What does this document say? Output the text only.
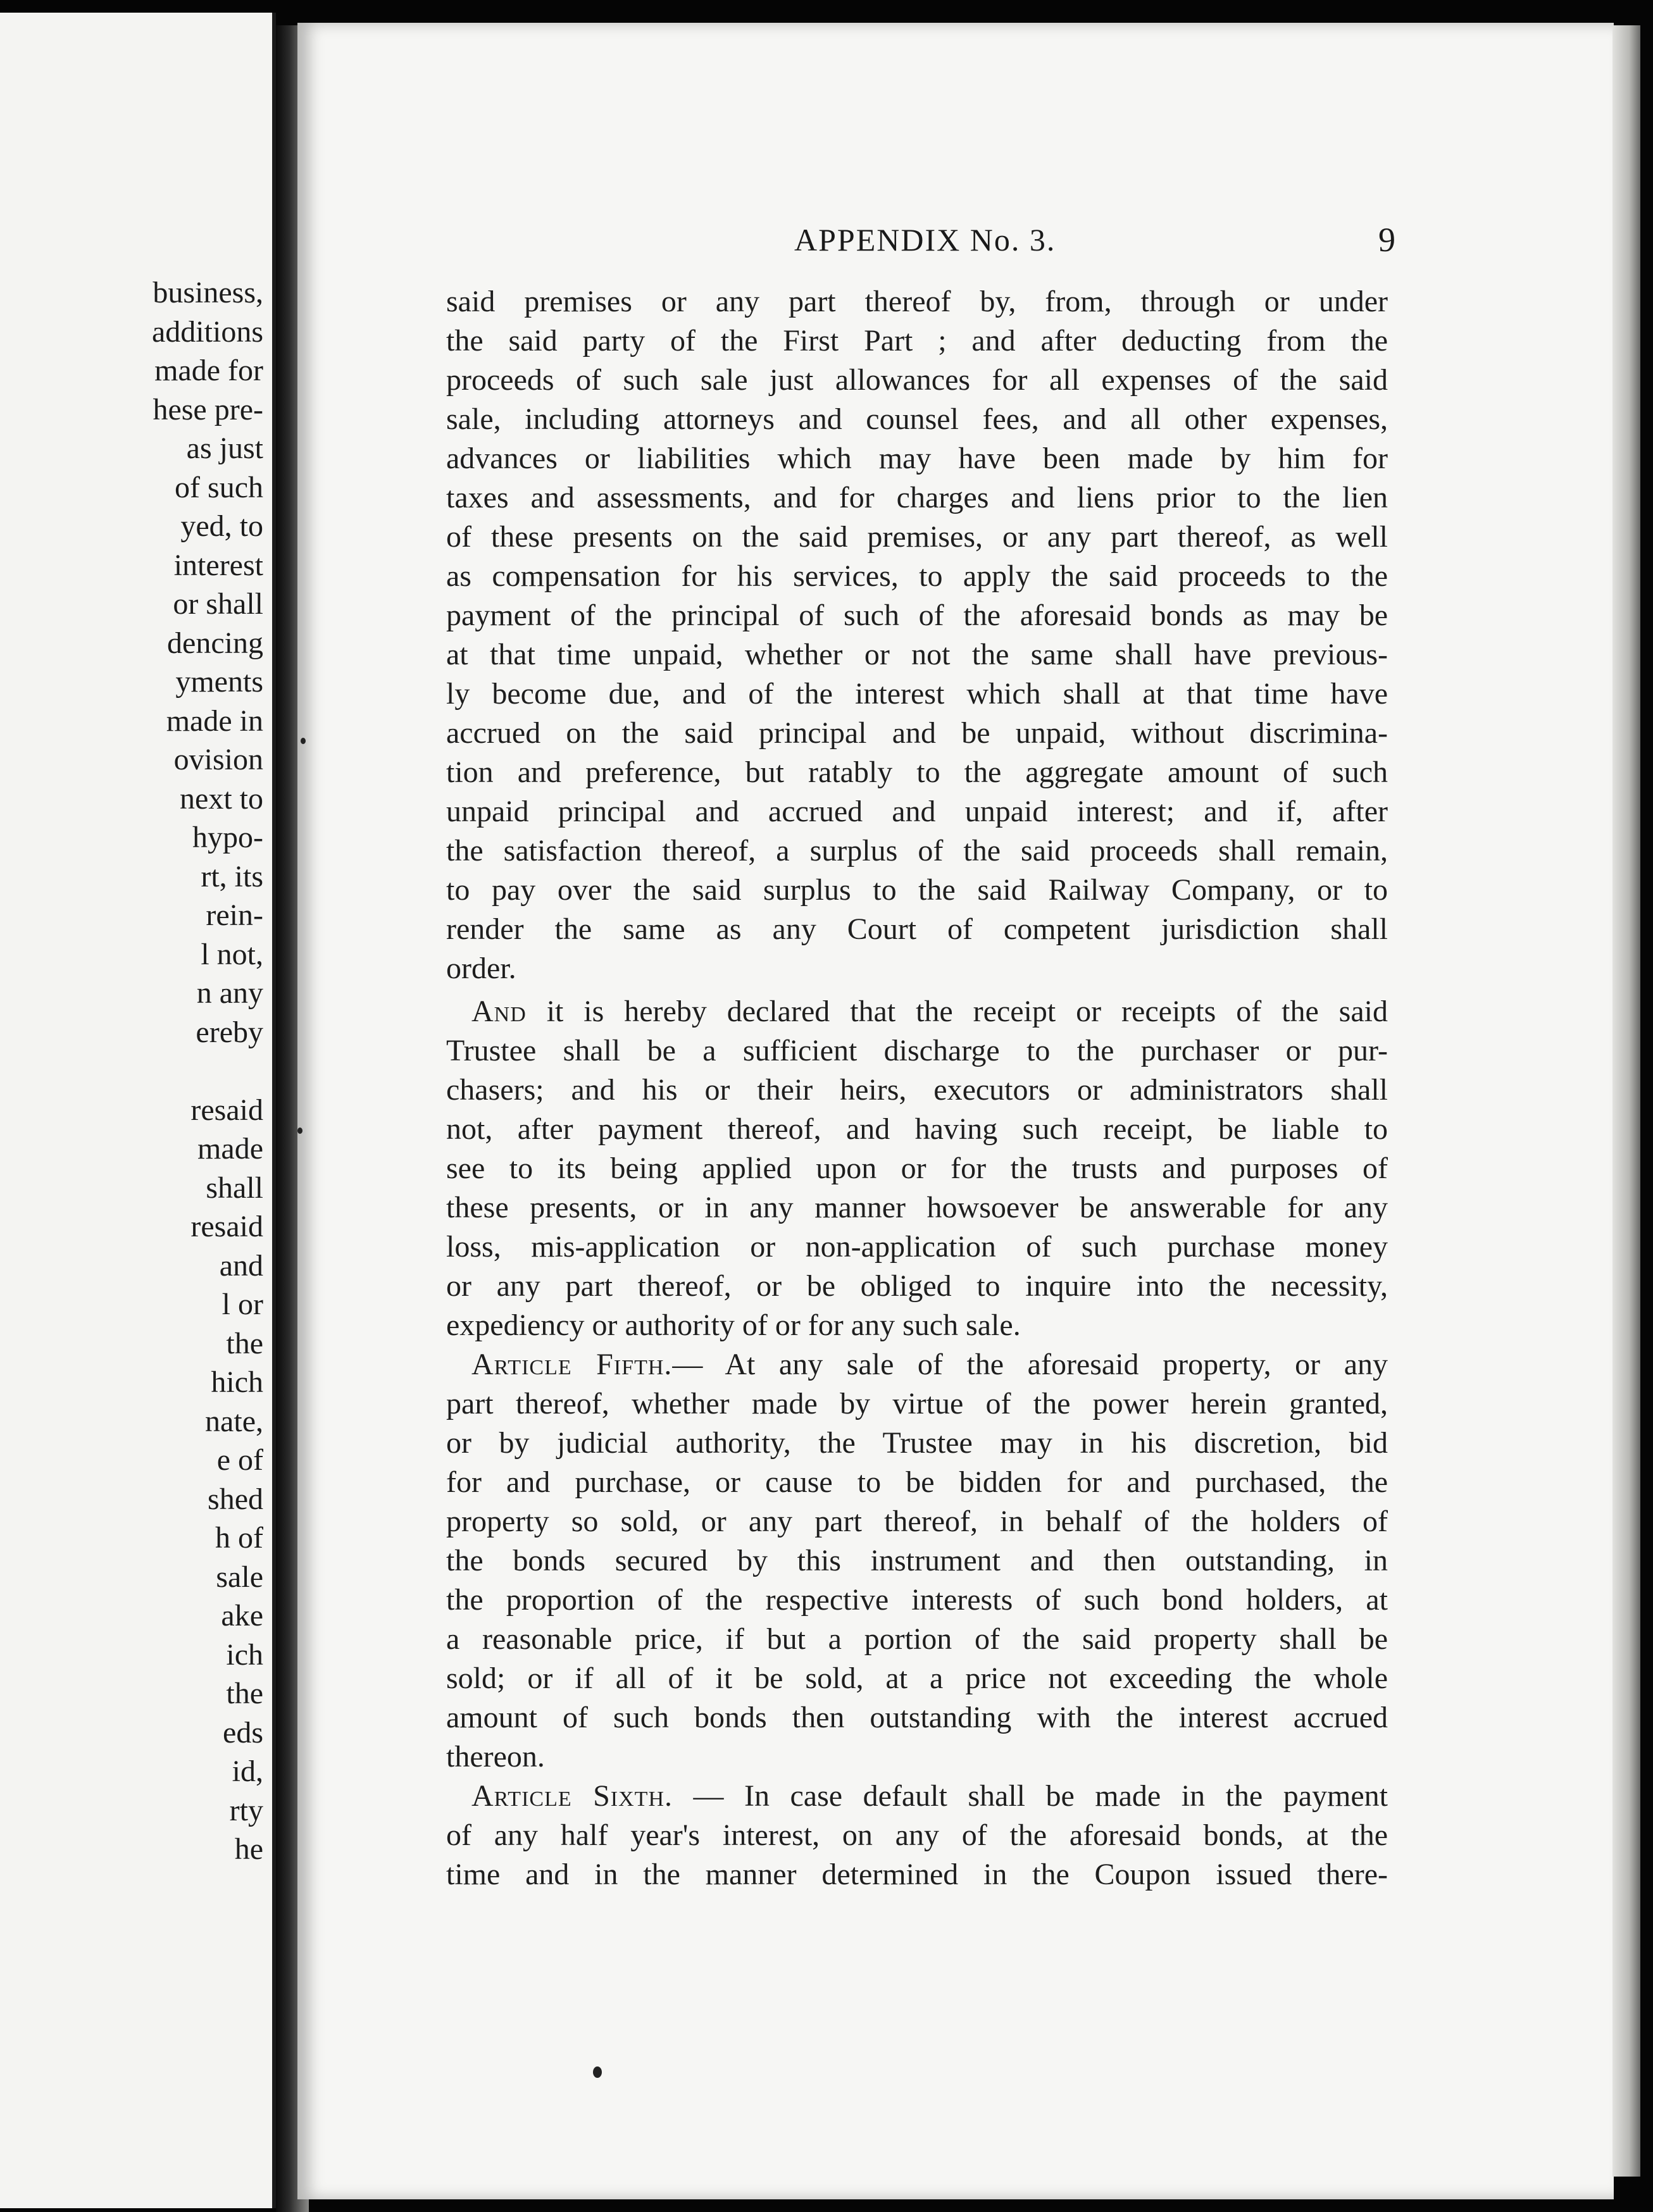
business,
additions
made for
hese pre-
as just
of such
yed, to
interest
or shall
dencing
yments
made in
ovision
next to
hypo-
rt, its
rein-
l not,
n any
ereby

resaid
made
shall
resaid
and
l or
the
hich
nate,
e of
shed
h of
sale
ake
ich
the
eds
id,
rty
he
APPENDIX No. 3.	9
said premises or any part thereof by, from, through or under
the said party of the First Part ; and after deducting from the
proceeds of such sale just allowances for all expenses of the said
sale, including attorneys and counsel fees, and all other expenses,
advances or liabilities which may have been made by him for
taxes and assessments, and for charges and liens prior to the lien
of these presents on the said premises, or any part thereof, as well
as compensation for his services, to apply the said proceeds to the
payment of the principal of such of the aforesaid bonds as may be
at that time unpaid, whether or not the same shall have previous-
ly become due, and of the interest which shall at that time have
accrued on the said principal and be unpaid, without discrimina-
tion and preference, but ratably to the aggregate amount of such
unpaid principal and accrued and unpaid interest; and if, after
the satisfaction thereof, a surplus of the said proceeds shall remain,
to pay over the said surplus to the said Railway Company, or to
render the same as any Court of competent jurisdiction shall
order.
And it is hereby declared that the receipt or receipts of the said
Trustee shall be a sufficient discharge to the purchaser or pur-
chasers; and his or their heirs, executors or administrators shall
not, after payment thereof, and having such receipt, be liable to
see to its being applied upon or for the trusts and purposes of
these presents, or in any manner howsoever be answerable for any
loss, mis-application or non-application of such purchase money
or any part thereof, or be obliged to inquire into the necessity,
expediency or authority of or for any such sale.
Article Fifth.— At any sale of the aforesaid property, or any
part thereof, whether made by virtue of the power herein granted,
or by judicial authority, the Trustee may in his discretion, bid
for and purchase, or cause to be bidden for and purchased, the
property so sold, or any part thereof, in behalf of the holders of
the bonds secured by this instrument and then outstanding, in
the proportion of the respective interests of such bond holders, at
a reasonable price, if but a portion of the said property shall be
sold; or if all of it be sold, at a price not exceeding the whole
amount of such bonds then outstanding with the interest accrued
thereon.
Article Sixth. — In case default shall be made in the payment
of any half year's interest, on any of the aforesaid bonds, at the
time and in the manner determined in the Coupon issued there-
